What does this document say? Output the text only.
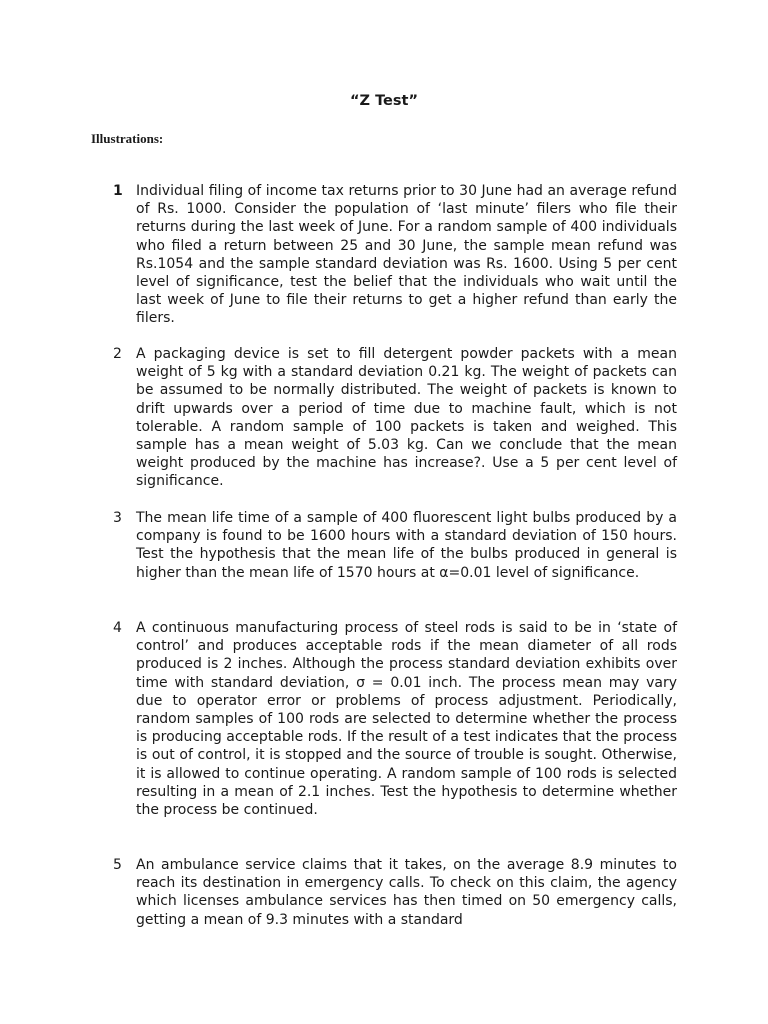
“Z Test”
Illustrations:
1 Individual filing of income tax returns prior to 30 June had an average refund of Rs. 1000. Consider the population of ‘last minute’ filers who file their returns during the last week of June. For a random sample of 400 individuals who filed a return between 25 and 30 June, the sample mean refund was Rs.1054 and the sample standard deviation was Rs. 1600. Using 5 per cent level of significance, test the belief that the individuals who wait until the last week of June to file their returns to get a higher refund than early the filers.
2	A packaging device is set to fill detergent powder packets with a mean weight of 5 kg with a standard deviation 0.21 kg. The weight of packets can be assumed to be normally distributed. The weight of packets is known to drift upwards over a period of time due to machine fault, which is not tolerable. A random sample of 100 packets is taken and weighed. This sample has a mean weight of 5.03 kg. Can we conclude that the mean weight produced by the machine has increase?. Use a 5 per cent level of significance.
3	The mean life time of a sample of 400 fluorescent light bulbs produced by a company is found to be 1600 hours with a standard deviation of 150 hours. Test the hypothesis that the mean life of the bulbs produced in general is higher than the mean life of 1570 hours at α=0.01 level of significance.
4	A continuous manufacturing process of steel rods is said to be in ‘state of control’ and produces acceptable rods if the mean diameter of all rods produced is 2 inches. Although the process standard deviation exhibits over time with standard deviation, σ = 0.01 inch. The process mean may vary due to operator error or problems of process adjustment. Periodically, random samples of 100 rods are selected to determine whether the process is producing acceptable rods. If the result of a test indicates that the process is out of control, it is stopped and the source of trouble is sought. Otherwise, it is allowed to continue operating. A random sample of 100 rods is selected resulting in a mean of 2.1 inches. Test the hypothesis to determine whether the process be continued.
5	An ambulance service claims that it takes, on the average 8.9 minutes to reach its destination in emergency calls. To check on this claim, the agency which licenses ambulance services has then timed on 50 emergency calls, getting a mean of 9.3 minutes with a standard
